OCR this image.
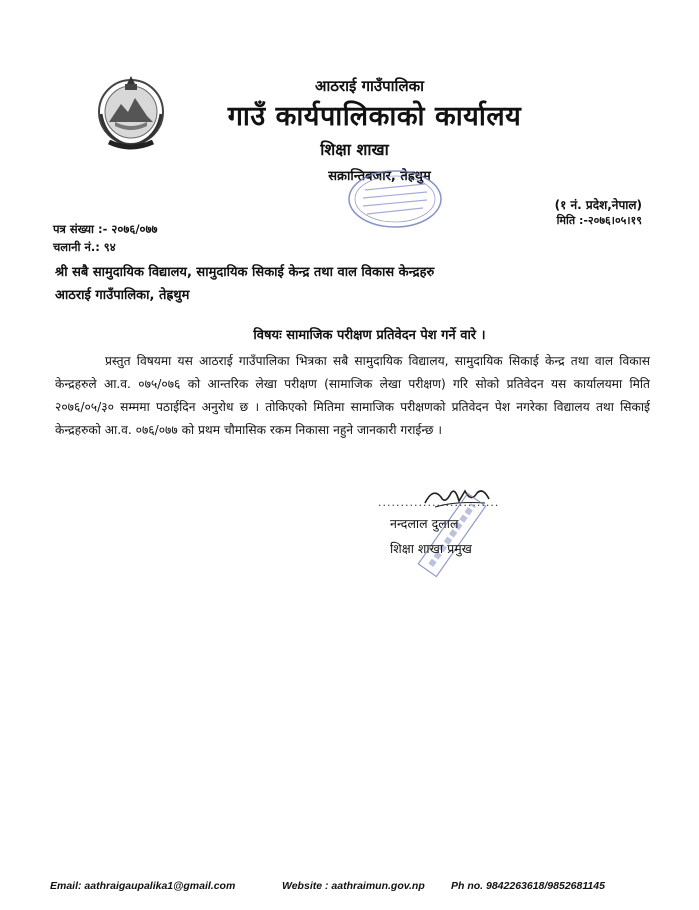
आठराई गाउँपालिका
गाउँ कार्यपालिकाको कार्यालय
शिक्षा शाखा
सक्रान्तिबजार, तेह्रथुम
(१ नं. प्रदेश,नेपाल)
मिति :-२०७६।०५।१९
पत्र संख्या :- २०७६/०७७
चलानी नं.: ९४
श्री सबै सामुदायिक विद्यालय, सामुदायिक सिकाई केन्द्र तथा वाल विकास केन्द्रहरु
आठराई गाउँपालिका, तेह्रथुम
विषयः सामाजिक परीक्षण प्रतिवेदन पेश गर्ने वारे ।

प्रस्तुत विषयमा यस आठराई गाउँपालिका भित्रका सबै सामुदायिक विद्यालय, सामुदायिक सिकाई केन्द्र तथा वाल विकास केन्द्रहरुले आ.व. ०७५/०७६ को आन्तरिक लेखा परीक्षण (सामाजिक लेखा परीक्षण) गरि सोको प्रतिवेदन यस कार्यालयमा मिति २०७६/०५/३० सम्ममा पठाईदिन अनुरोध छ । तोकिएको मितिमा सामाजिक परीक्षणको प्रतिवेदन पेश नगरेका विद्यालय तथा सिकाई केन्द्रहरुको आ.व. ०७६/०७७ को प्रथम चौमासिक रकम निकासा नहुने जानकारी गराईन्छ ।

...........................
नन्दलाल दुलाल
शिक्षा शाखा प्रमुख
Email: aathraigaupalika1@gmail.com	Website : aathraimun.gov.np	Ph no. 9842263618/9852681145
